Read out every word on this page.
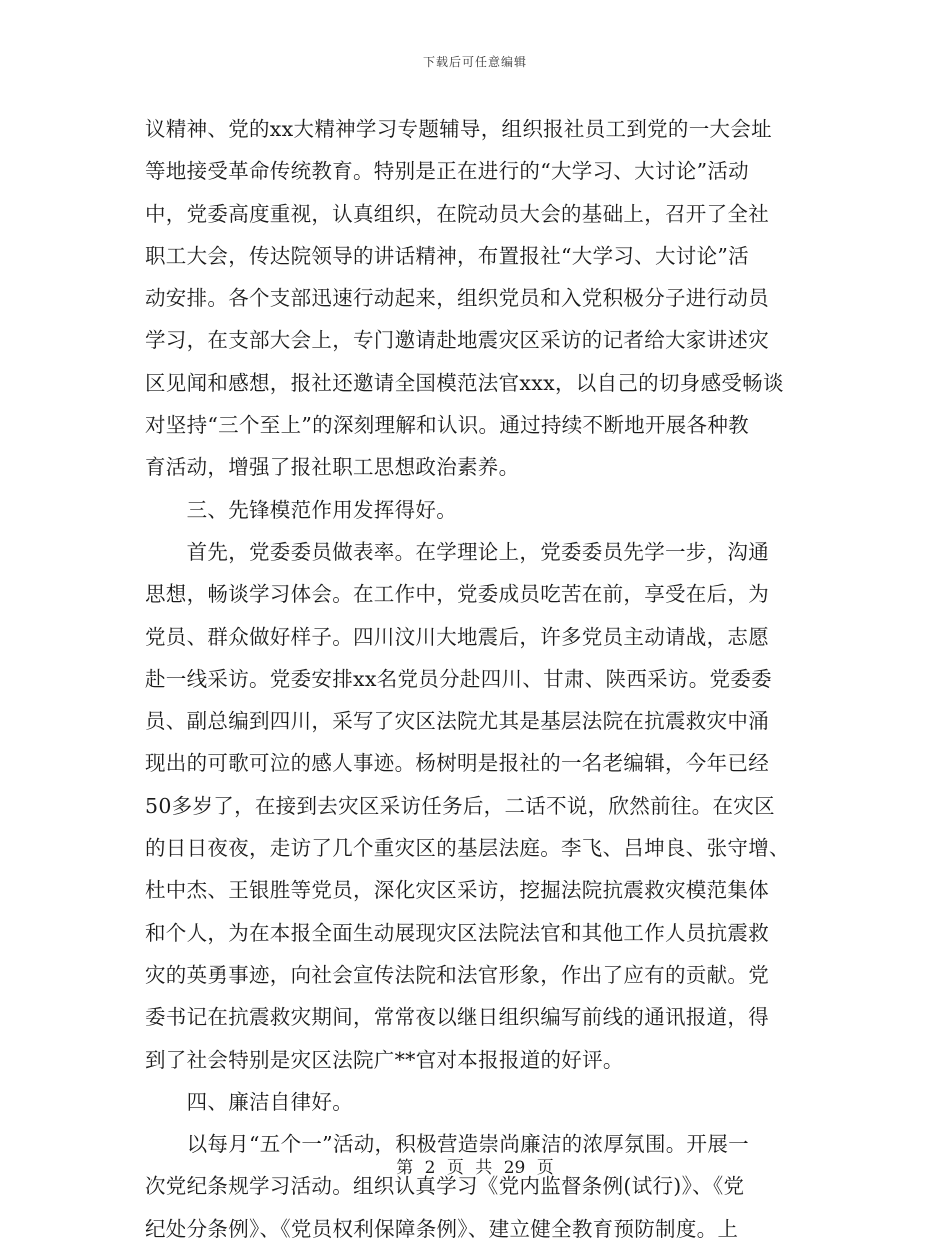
下载后可任意编辑
议精神、党的xx大精神学习专题辅导，组织报社员工到党的一大会址
等地接受革命传统教育。特别是正在进行的“大学习、大讨论”活动
中，党委高度重视，认真组织，在院动员大会的基础上，召开了全社
职工大会，传达院领导的讲话精神，布置报社“大学习、大讨论”活
动安排。各个支部迅速行动起来，组织党员和入党积极分子进行动员
学习，在支部大会上，专门邀请赴地震灾区采访的记者给大家讲述灾
区见闻和感想，报社还邀请全国模范法官xxx，以自己的切身感受畅谈
对坚持“三个至上”的深刻理解和认识。通过持续不断地开展各种教
育活动，增强了报社职工思想政治素养。
　　三、先锋模范作用发挥得好。
　　首先，党委委员做表率。在学理论上，党委委员先学一步，沟通
思想，畅谈学习体会。在工作中，党委成员吃苦在前，享受在后，为
党员、群众做好样子。四川汶川大地震后，许多党员主动请战，志愿
赴一线采访。党委安排xx名党员分赴四川、甘肃、陕西采访。党委委
员、副总编到四川，采写了灾区法院尤其是基层法院在抗震救灾中涌
现出的可歌可泣的感人事迹。杨树明是报社的一名老编辑，今年已经
50多岁了，在接到去灾区采访任务后，二话不说，欣然前往。在灾区
的日日夜夜，走访了几个重灾区的基层法庭。李飞、吕坤良、张守增、
杜中杰、王银胜等党员，深化灾区采访，挖掘法院抗震救灾模范集体
和个人，为在本报全面生动展现灾区法院法官和其他工作人员抗震救
灾的英勇事迹，向社会宣传法院和法官形象，作出了应有的贡献。党
委书记在抗震救灾期间，常常夜以继日组织编写前线的通讯报道，得
到了社会特别是灾区法院广**官对本报报道的好评。
　　四、廉洁自律好。
　　以每月“五个一”活动，积极营造崇尚廉洁的浓厚氛围。开展一
次党纪条规学习活动。组织认真学习《党内监督条例(试行)》、《党
纪处分条例》、《党员权利保障条例》、建立健全教育预防制度。上
第 2 页 共 29 页
